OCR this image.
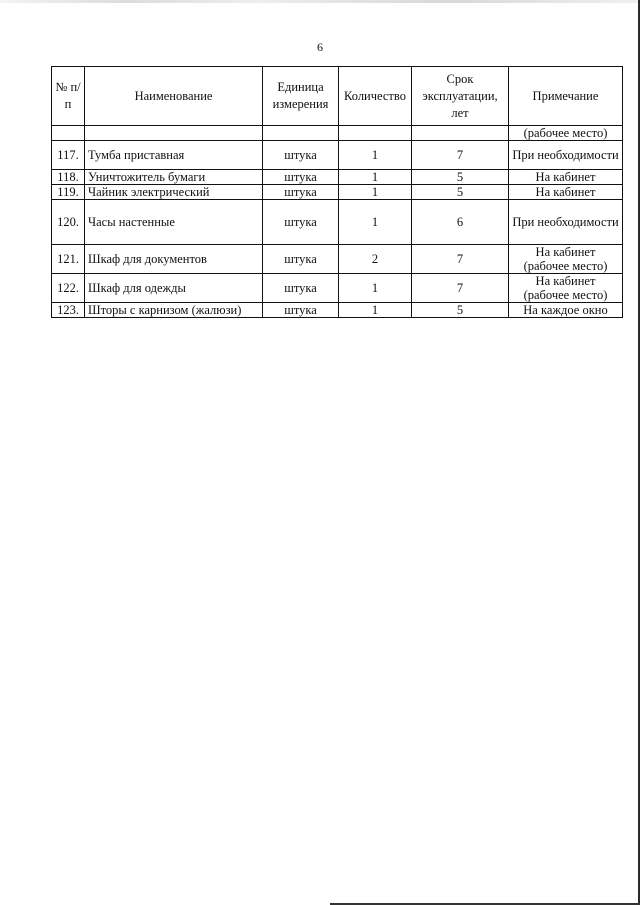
6
№ п/п	Наименование	Единица измерения	Количество	Срок эксплуатации, лет	Примечание
					(рабочее место)
117.	Тумба приставная	штука	1	7	При необходимости
118.	Уничтожитель бумаги	штука	1	5	На кабинет
119.	Чайник электрический	штука	1	5	На кабинет
120.	Часы настенные	штука	1	6	При необходимости
121.	Шкаф для документов	штука	2	7	На кабинет (рабочее место)
122.	Шкаф для одежды	штука	1	7	На кабинет (рабочее место)
123.	Шторы с карнизом (жалюзи)	штука	1	5	На каждое окно
